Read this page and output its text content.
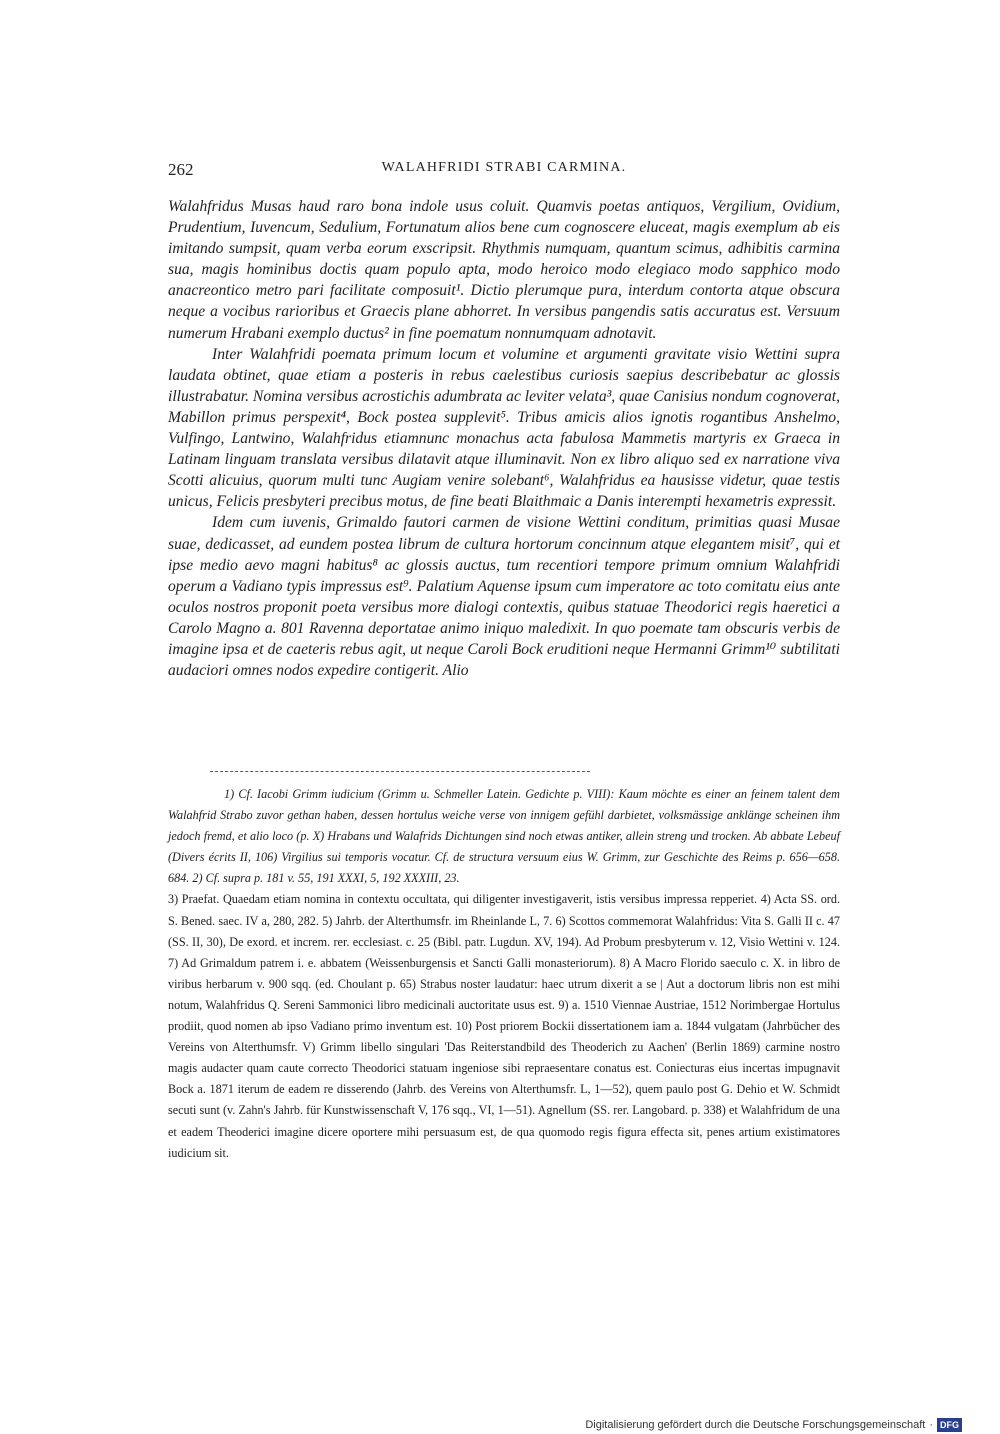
262	WALAHFRIDI STRABI CARMINA.

Walahfridus Musas haud raro bona indole usus coluit. Quamvis poetas antiquos, Vergilium, Ovidium, Prudentium, Iuvencum, Sedulium, Fortunatum alios bene cum cognoscere eluceat, magis exemplum ab eis imitando sumpsit, quam verba eorum exscripsit. Rhythmis numquam, quantum scimus, adhibitis carmina sua, magis hominibus doctis quam populo apta, modo heroico modo elegiaco modo sapphico modo anacreontico metro pari facilitate composuit¹. Dictio plerumque pura, interdum contorta atque obscura neque a vocibus rarioribus et Graecis plane abhorret. In versibus pangendis satis accuratus est. Versuum numerum Hrabani exemplo ductus² in fine poematum nonnumquam adnotavit.

Inter Walahfridi poemata primum locum et volumine et argumenti gravitate visio Wettini supra laudata obtinet, quae etiam a posteris in rebus caelestibus curiosis saepius describebatur ac glossis illustrabatur. Nomina versibus acrostichis adumbrata ac leviter velata³, quae Canisius nondum cognoverat, Mabillon primus perspexit⁴, Bock postea supplevit⁵. Tribus amicis alios ignotis rogantibus Anshelmo, Vulfingo, Lantwino, Walahfridus etiamnunc monachus acta fabulosa Mammetis martyris ex Graeca in Latinam linguam translata versibus dilatavit atque illuminavit. Non ex libro aliquo sed ex narratione viva Scotti alicuius, quorum multi tunc Augiam venire solebant⁶, Walahfridus ea hausisse videtur, quae testis unicus, Felicis presbyteri precibus motus, de fine beati Blaithmaic a Danis interempti hexametris expressit.

Idem cum iuvenis, Grimaldo fautori carmen de visione Wettini conditum, primitias quasi Musae suae, dedicasset, ad eundem postea librum de cultura hortorum concinnum atque elegantem misit⁷, qui et ipse medio aevo magni habitus⁸ ac glossis auctus, tum recentiori tempore primum omnium Walahfridi operum a Vadiano typis impressus est⁹. Palatium Aquense ipsum cum imperatore ac toto comitatu eius ante oculos nostros proponit poeta versibus more dialogi contextis, quibus statuae Theodorici regis haeretici a Carolo Magno a. 801 Ravenna deportatae animo iniquo maledixit. In quo poemate tam obscuris verbis de imagine ipsa et de caeteris rebus agit, ut neque Caroli Bock eruditioni neque Hermanni Grimm¹⁰ subtilitati audaciori omnes nodos expedire contigerit. Alio

1) Cf. Iacobi Grimm iudicium (Grimm u. Schmeller Latein. Gedichte p. VIII): Kaum möchte es einer an feinem talent dem Walahfrid Strabo zuvor gethan haben, dessen hortulus weiche verse von innigem gefühl darbietet, volksmässige anklänge scheinen ihm jedoch fremd, et alio loco (p. X) Hrabans und Walafrids Dichtungen sind noch etwas antiker, allein streng und trocken. Ab abbate Lebeuf (Divers écrits II, 106) Virgilius sui temporis vocatur. Cf. de structura versuum eius W. Grimm, zur Geschichte des Reims p. 656—658. 684. 2) Cf. supra p. 181 v. 55, 191 XXXI, 5, 192 XXXIII, 23.

3) Praefat. Quaedam etiam nomina in contextu occultata, qui diligenter investigaverit, istis versibus impressa repperiet. 4) Acta SS. ord. S. Bened. saec. IV a, 280, 282. 5) Jahrb. der Alterthumsfr. im Rheinlande L, 7. 6) Scottos commemorat Walahfridus: Vita S. Galli II c. 47 (SS. II, 30), De exord. et increm. rer. ecclesiast. c. 25 (Bibl. patr. Lugdun. XV, 194). Ad Probum presbyterum v. 12, Visio Wettini v. 124. 7) Ad Grimaldum patrem i. e. abbatem (Weissenburgensis et Sancti Galli monasteriorum). 8) A Macro Florido saeculo c. X. in libro de viribus herbarum v. 900 sqq. (ed. Choulant p. 65) Strabus noster laudatur: haec utrum dixerit a se | Aut a doctorum libris non est mihi notum, Walahfridus Q. Sereni Sammonici libro medicinali auctoritate usus est. 9) a. 1510 Viennae Austriae, 1512 Norimbergae Hortulus prodiit, quod nomen ab ipso Vadiano primo inventum est. 10) Post priorem Bockii dissertationem iam a. 1844 vulgatam (Jahrbücher des Vereins von Alterthumsfr. V) Grimm libello singulari 'Das Reiterstandbild des Theoderich zu Aachen' (Berlin 1869) carmine nostro magis audacter quam caute correcto Theodorici statuam ingeniose sibi repraesentare conatus est. Coniecturas eius incertas impugnavit Bock a. 1871 iterum de eadem re disserendo (Jahrb. des Vereins von Alterthumsfr. L, 1—52), quem paulo post G. Dehio et W. Schmidt secuti sunt (v. Zahn's Jahrb. für Kunstwissenschaft V, 176 sqq., VI, 1—51). Agnellum (SS. rer. Langobard. p. 338) et Walahfridum de una et eadem Theoderici imagine dicere oportere mihi persuasum est, de qua quomodo regis figura effecta sit, penes artium existimatores iudicium sit.

Digitalisierung gefördert durch die Deutsche Forschungsgemeinschaft · DFG
